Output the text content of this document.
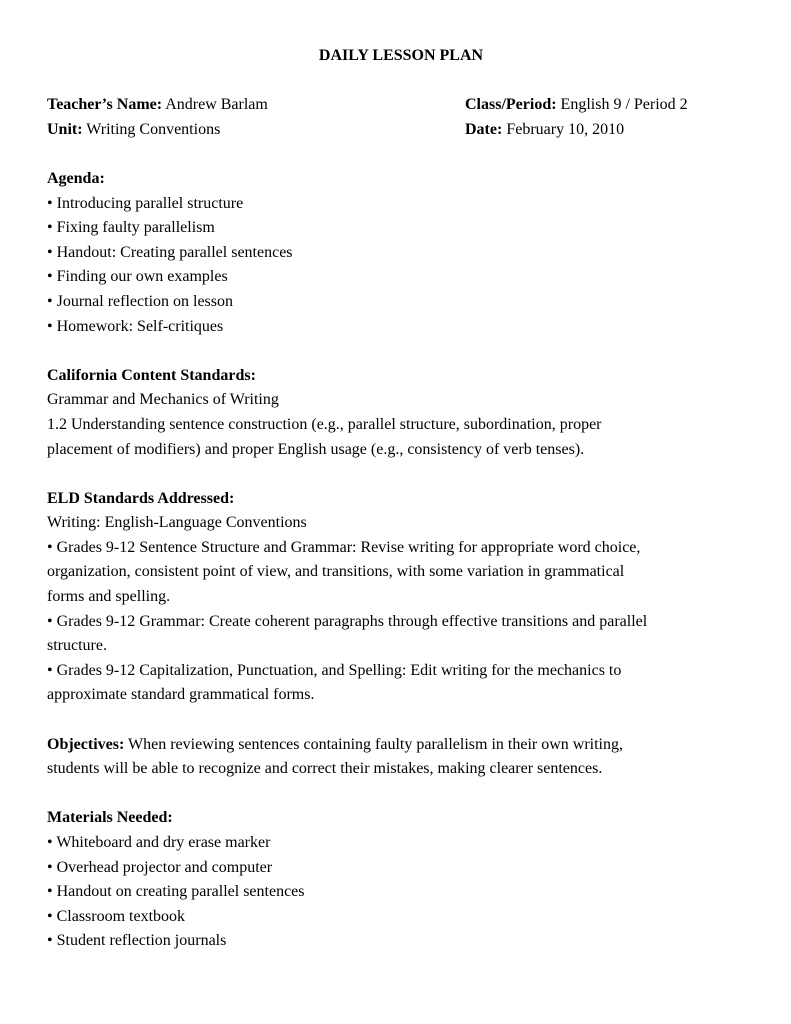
DAILY LESSON PLAN

Teacher’s Name: Andrew Barlam	Class/Period: English 9 / Period 2
Unit: Writing Conventions	Date: February 10, 2010

Agenda:

• Introducing parallel structure

• Fixing faulty parallelism

• Handout: Creating parallel sentences

• Finding our own examples

• Journal reflection on lesson

• Homework: Self-critiques

California Content Standards:

Grammar and Mechanics of Writing

1.2 Understanding sentence construction (e.g., parallel structure, subordination, proper

placement of modifiers) and proper English usage (e.g., consistency of verb tenses).

ELD Standards Addressed:

Writing: English-Language Conventions

• Grades 9-12 Sentence Structure and Grammar: Revise writing for appropriate word choice,

organization, consistent point of view, and transitions, with some variation in grammatical

forms and spelling.

• Grades 9-12 Grammar: Create coherent paragraphs through effective transitions and parallel

structure.

• Grades 9-12 Capitalization, Punctuation, and Spelling: Edit writing for the mechanics to

approximate standard grammatical forms.

Objectives: When reviewing sentences containing faulty parallelism in their own writing,

students will be able to recognize and correct their mistakes, making clearer sentences.

Materials Needed:

• Whiteboard and dry erase marker

• Overhead projector and computer

• Handout on creating parallel sentences

• Classroom textbook

• Student reflection journals
